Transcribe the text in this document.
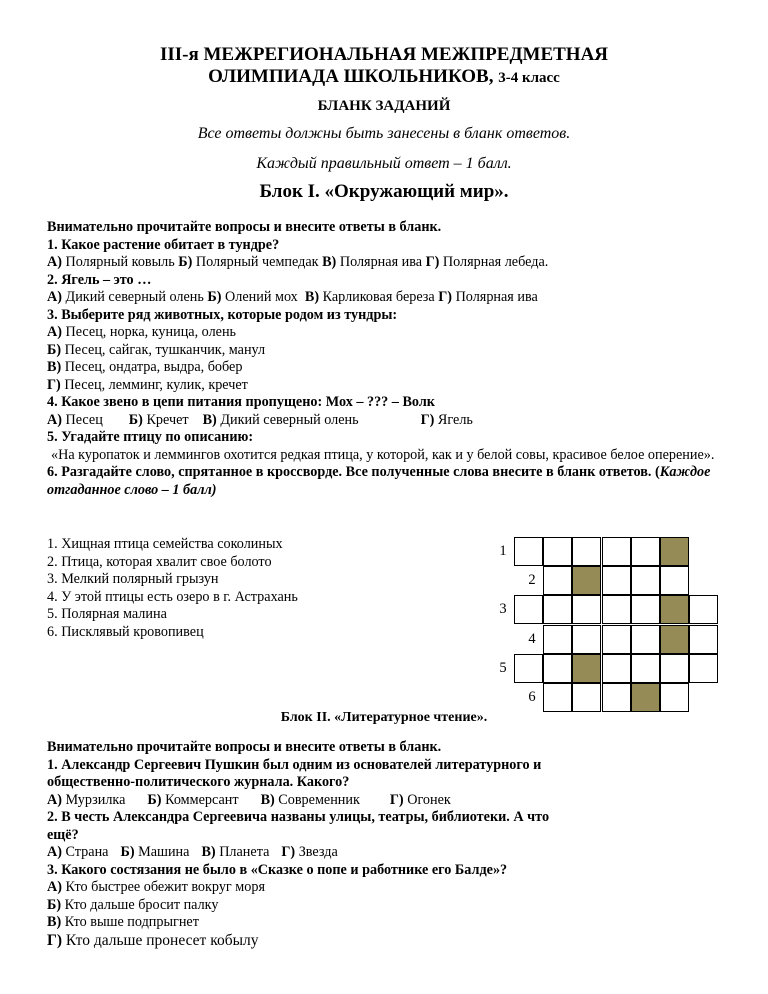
III-я МЕЖРЕГИОНАЛЬНАЯ МЕЖПРЕДМЕТНАЯ
ОЛИМПИАДА ШКОЛЬНИКОВ, 3-4 класс
БЛАНК ЗАДАНИЙ
Все ответы должны быть занесены в бланк ответов.
Каждый правильный ответ – 1 балл.
Блок I. «Окружающий мир».
Внимательно прочитайте вопросы и внесите ответы в бланк.
1. Какое растение обитает в тундре?
А) Полярный ковыль Б) Полярный чемпедак В) Полярная ива Г) Полярная лебеда.
2. Ягель – это …
А) Дикий северный олень Б) Олений мох В) Карликовая береза Г) Полярная ива
3. Выберите ряд животных, которые родом из тундры:
А) Песец, норка, куница, олень
Б) Песец, сайгак, тушканчик, манул
В) Песец, ондатра, выдра, бобер
Г) Песец, лемминг, кулик, кречет
4. Какое звено в цепи питания пропущено: Мох – ??? – Волк
А) Песец Б) Кречет В) Дикий северный олень	Г) Ягель
5. Угадайте птицу по описанию:
«На куропаток и леммингов охотится редкая птица, у которой, как и у белой совы, красивое белое оперение».
6. Разгадайте слово, спрятанное в кроссворде. Все полученные слова внесите в бланк ответов. (Каждое отгаданное слово – 1 балл)
1. Хищная птица семейства соколиных
2. Птица, которая хвалит свое болото
3. Мелкий полярный грызун
4. У этой птицы есть озеро в г. Астрахань
5. Полярная малина
6. Писклявый кровопивец
1
2
3
4
5
6
Блок II. «Литературное чтение».
Внимательно прочитайте вопросы и внесите ответы в бланк.
1. Александр Сергеевич Пушкин был одним из основателей литературного и
общественно-политического журнала. Какого?
А) Мурзилка Б) Коммерсант В) Современник Г) Огонек
2. В честь Александра Сергеевича названы улицы, театры, библиотеки. А что
ещё?
А) Страна Б) Машина В) Планета Г) Звезда
3. Какого состязания не было в «Сказке о попе и работнике его Балде»?
А) Кто быстрее обежит вокруг моря
Б) Кто дальше бросит палку
В) Кто выше подпрыгнет
Г) Кто дальше пронесет кобылу
